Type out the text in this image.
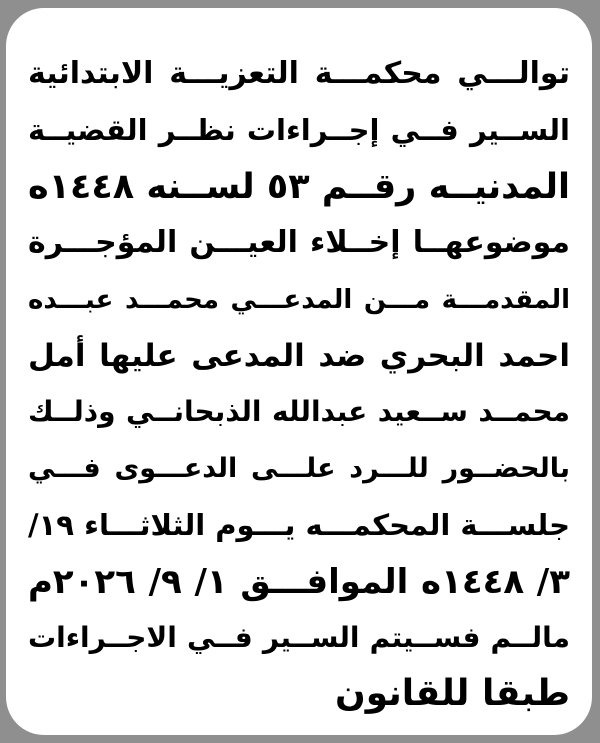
توالـــي محكمـــة التعزيـــة الابتدائية
الســير فــي إجــراءات نظــر القضيــة
المدنيــه رقــم ٥٣ لســنه ١٤٤٨ه
موضوعهــا إخــلاء العيـــن المؤجـــرة
المقدمـــة مـــن المدعـــي محمـــد عبـــده
احمد البحري ضد المدعى عليها أمل
محمــد ســعيد عبدالله الذبحانــي وذلــك
بالحضــور للـــرد علـــى الدعـــوى فـــي
جلســـة المحكمـــه يـــوم الثلاثـــاء ١٩/
٣/ ١٤٤٨ه الموافـــق ١/ ٩/ ٢٠٢٦م
مالــم فســيتم الســير فــي الاجــراءات
طبقا للقانون
